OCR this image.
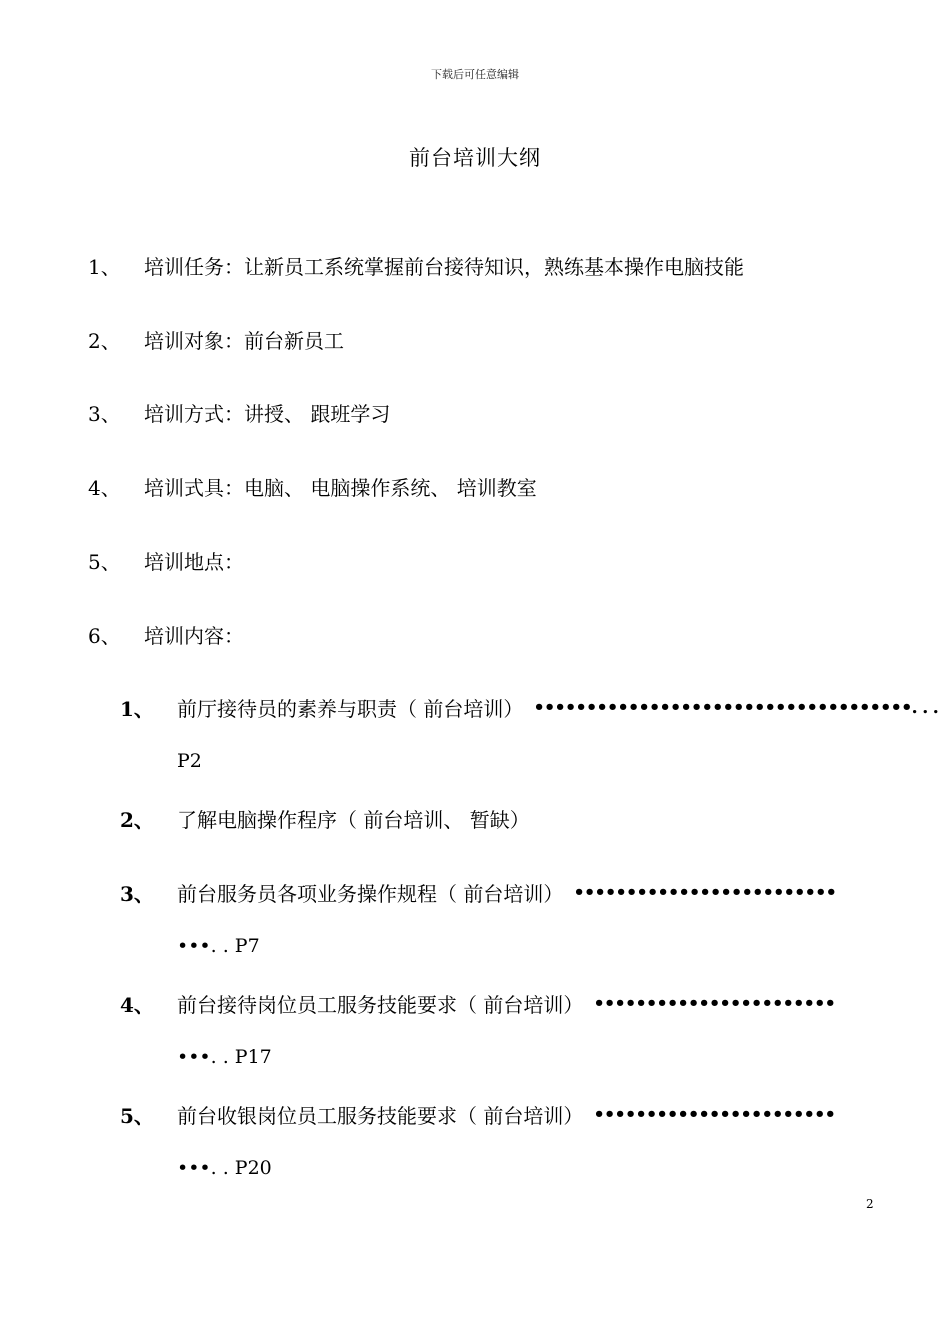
下载后可任意编辑
前台培训大纲
1、	培训任务：让新员工系统掌握前台接待知识，熟练基本操作电脑技能
2、	培训对象：前台新员工
3、	培训方式：讲授、 跟班学习
4、	培训式具：电脑、 电脑操作系统、 培训教室
5、	培训地点：
6、	培训内容：
1、	前厅接待员的素养与职责（ 前台培训） ••••••••••••••••••••••••••••••••••••. . .
P2
2、	了解电脑操作程序（ 前台培训、 暂缺）
3、	前台服务员各项业务操作规程（ 前台培训） •••••••••••••••••••••••••
•••. . P7
4、	前台接待岗位员工服务技能要求（ 前台培训） •••••••••••••••••••••••
•••. . P17
5、	前台收银岗位员工服务技能要求（ 前台培训） •••••••••••••••••••••••
•••. . P20
2
